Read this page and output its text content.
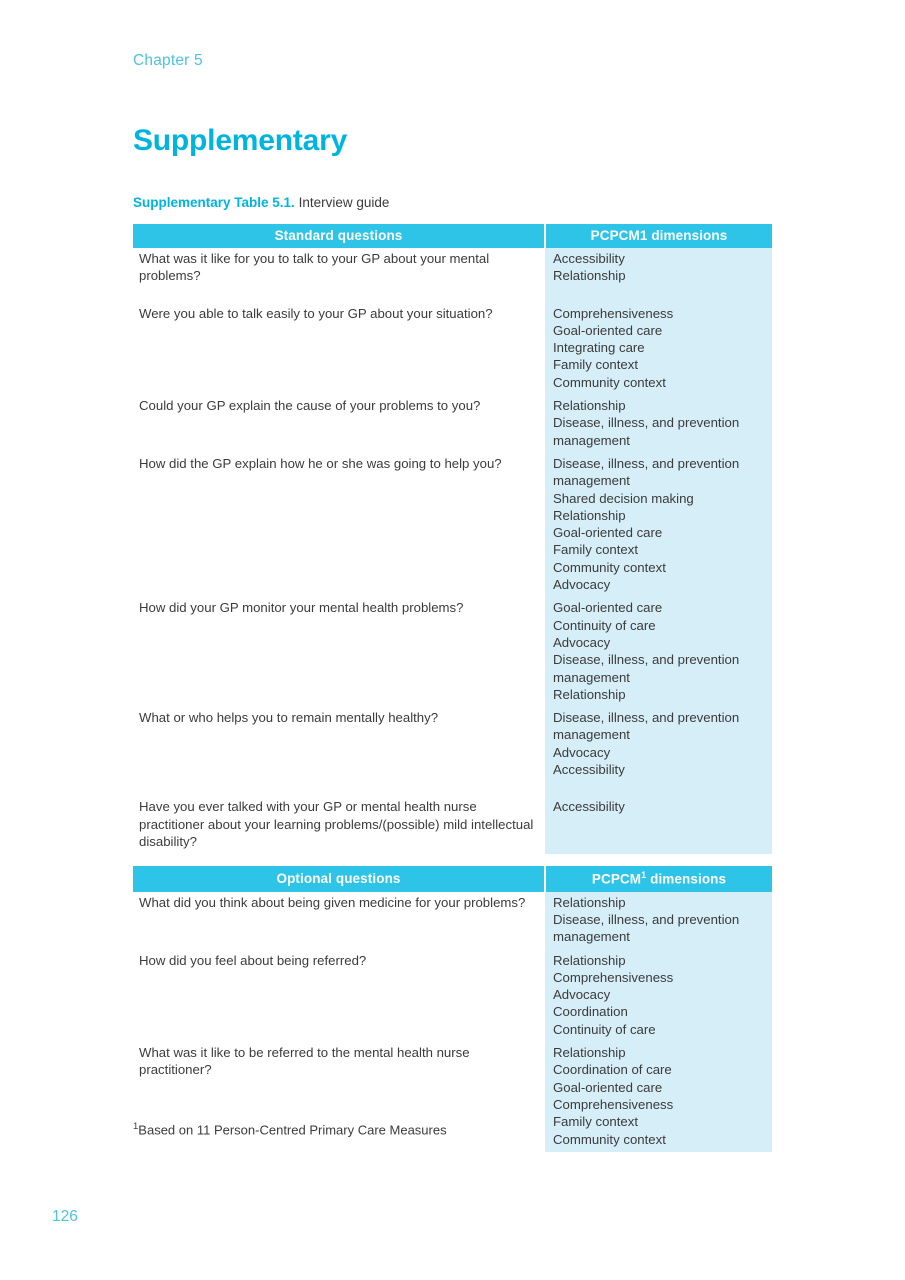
Chapter 5
Supplementary
Supplementary Table 5.1. Interview guide
Standard questions	PCPCM1 dimensions
What was it like for you to talk to your GP about your mental problems?	Accessibility
Relationship

Were you able to talk easily to your GP about your situation?	Comprehensiveness
Goal-oriented care
Integrating care
Family context
Community context

Could your GP explain the cause of your problems to you?	Relationship
Disease, illness, and prevention management

How did the GP explain how he or she was going to help you?	Disease, illness, and prevention management
Shared decision making
Relationship
Goal-oriented care
Family context
Community context
Advocacy

How did your GP monitor your mental health problems?	Goal-oriented care
Continuity of care
Advocacy
Disease, illness, and prevention management
Relationship

What or who helps you to remain mentally healthy?	Disease, illness, and prevention management
Advocacy
Accessibility

Have you ever talked with your GP or mental health nurse practitioner about your learning problems/(possible) mild intellectual disability?	Accessibility

Optional questions	PCPCM$^1$ dimensions
What did you think about being given medicine for your problems?	Relationship
Disease, illness, and prevention management

How did you feel about being referred?	Relationship
Comprehensiveness
Advocacy
Coordination
Continuity of care

What was it like to be referred to the mental health nurse practitioner?	
Relationship
Coordination of care
Goal-oriented care
Comprehensiveness
Family context
Community context
$^1$Based on 11 Person-Centred Primary Care Measures
126
